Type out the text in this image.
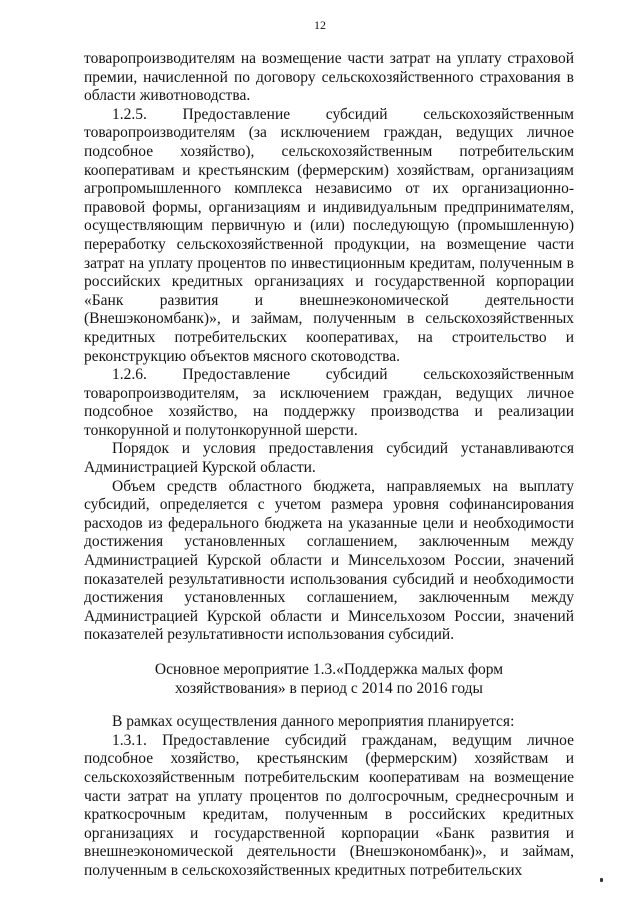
12

товаропроизводителям на возмещение части затрат на уплату страховой премии, начисленной по договору сельскохозяйственного страхования в области животноводства.

1.2.5. Предоставление субсидий сельскохозяйственным товаропроизводителям (за исключением граждан, ведущих личное подсобное хозяйство), сельскохозяйственным потребительским кооперативам и крестьянским (фермерским) хозяйствам, организациям агропромышленного комплекса независимо от их организационно-правовой формы, организациям и индивидуальным предпринимателям, осуществляющим первичную и (или) последующую (промышленную) переработку сельскохозяйственной продукции, на возмещение части затрат на уплату процентов по инвестиционным кредитам, полученным в российских кредитных организациях и государственной корпорации «Банк развития и внешнеэкономической деятельности (Внешэкономбанк)», и займам, полученным в сельскохозяйственных кредитных потребительских кооперативах, на строительство и реконструкцию объектов мясного скотоводства.

1.2.6. Предоставление субсидий сельскохозяйственным товаропроизводителям, за исключением граждан, ведущих личное подсобное хозяйство, на поддержку производства и реализации тонкорунной и полутонкорунной шерсти.

Порядок и условия предоставления субсидий устанавливаются Администрацией Курской области.

Объем средств областного бюджета, направляемых на выплату субсидий, определяется с учетом размера уровня софинансирования расходов из федерального бюджета на указанные цели и необходимости достижения установленных соглашением, заключенным между Администрацией Курской области и Минсельхозом России, значений показателей результативности использования субсидий и необходимости достижения установленных соглашением, заключенным между Администрацией Курской области и Минсельхозом России, значений показателей результативности использования субсидий.

Основное мероприятие 1.3.«Поддержка малых форм
хозяйствования» в период с 2014 по 2016 годы

В рамках осуществления данного мероприятия планируется:

1.3.1. Предоставление субсидий гражданам, ведущим личное подсобное хозяйство, крестьянским (фермерским) хозяйствам и сельскохозяйственным потребительским кооперативам на возмещение части затрат на уплату процентов по долгосрочным, среднесрочным и краткосрочным кредитам, полученным в российских кредитных организациях и государственной корпорации «Банк развития и внешнеэкономической деятельности (Внешэкономбанк)», и займам, полученным в сельскохозяйственных кредитных потребительских
